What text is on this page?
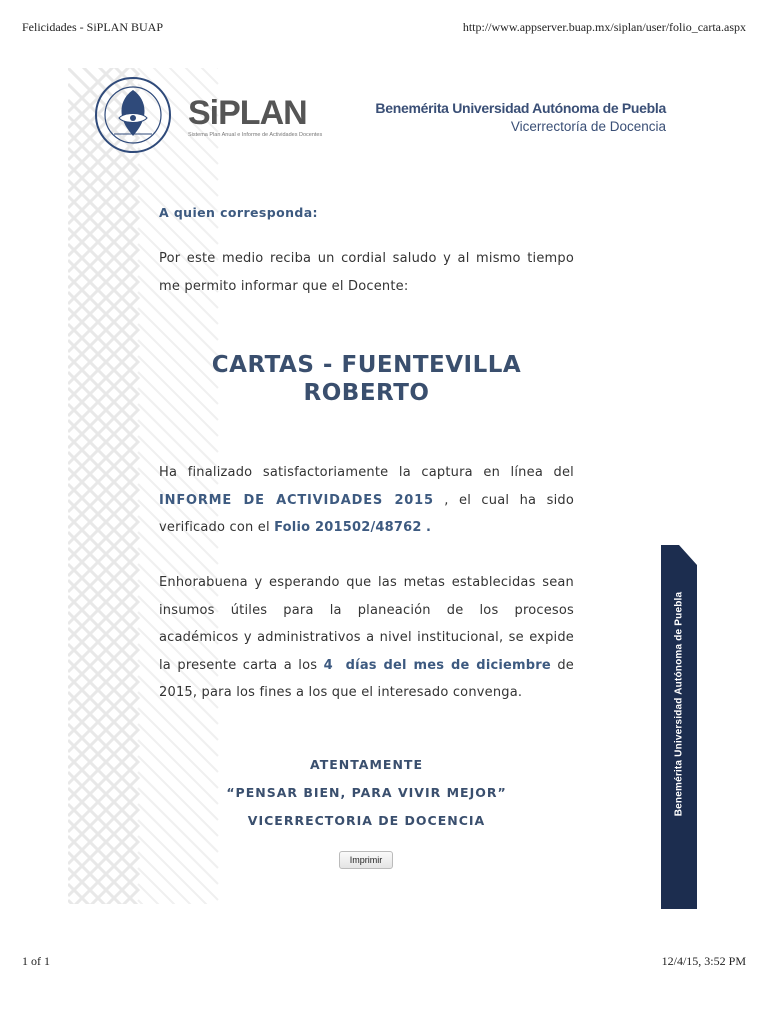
Felicidades - SiPLAN BUAP	http://www.appserver.buap.mx/siplan/user/folio_carta.aspx
SiPLAN
Sistema Plan Anual e Informe de Actividades Docentes
Benemérita Universidad Autónoma de Puebla
Vicerrectoría de Docencia
A quien corresponda:
Por este medio reciba un cordial saludo y al mismo tiempo me permito informar que el Docente:
CARTAS - FUENTEVILLA ROBERTO
Ha finalizado satisfactoriamente la captura en línea del INFORME DE ACTIVIDADES 2015 , el cual ha sido verificado con el Folio 201502/48762 .
Enhorabuena y esperando que las metas establecidas sean insumos útiles para la planeación de los procesos académicos y administrativos a nivel institucional, se expide la presente carta a los 4 días del mes de diciembre de 2015, para los fines a los que el interesado convenga.
ATENTAMENTE
“PENSAR BIEN, PARA VIVIR MEJOR”
VICERRECTORIA DE DOCENCIA
Imprimir
Benemérita Universidad Autónoma de Puebla
1 of 1	12/4/15, 3:52 PM
